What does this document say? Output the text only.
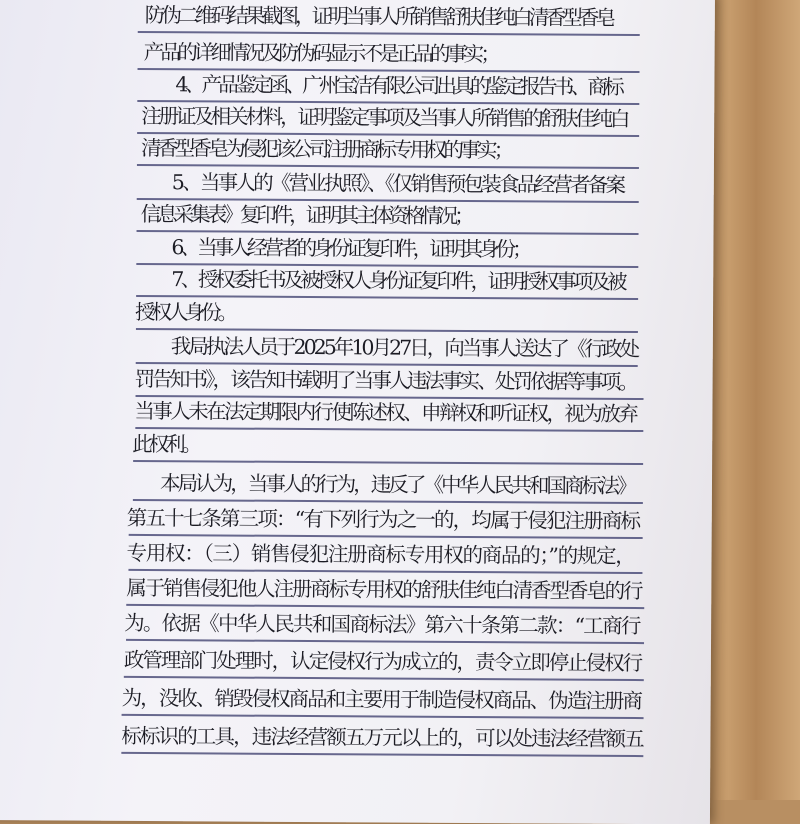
防伪二维码结果截图，证明当事人所销售舒肤佳纯白清香型香皂
产品的详细情况及防伪码显示不是正品的事实；
4、产品鉴定函、广州宝洁有限公司出具的鉴定报告书、商标
注册证及相关材料，证明鉴定事项及当事人所销售的舒肤佳纯白
清香型香皂为侵犯该公司注册商标专用权的事实；
5、当事人的《营业执照》、《仅销售预包装食品经营者备案
信息采集表》复印件，证明其主体资格情况；
6、当事人经营者的身份证复印件，证明其身份；
7、授权委托书及被授权人身份证复印件，证明授权事项及被
授权人身份。
我局执法人员于2025年10月27日，向当事人送达了《行政处
罚告知书》，该告知书载明了当事人违法事实、处罚依据等事项。
当事人未在法定期限内行使陈述权、申辩权和听证权，视为放弃
此权利。
本局认为，当事人的行为，违反了《中华人民共和国商标法》
第五十七条第三项：“有下列行为之一的，均属于侵犯注册商标
专用权：（三）销售侵犯注册商标专用权的商品的；”的规定，
属于销售侵犯他人注册商标专用权的舒肤佳纯白清香型香皂的行
为。依据《中华人民共和国商标法》第六十条第二款：“工商行
政管理部门处理时，认定侵权行为成立的，责令立即停止侵权行
为，没收、销毁侵权商品和主要用于制造侵权商品、伪造注册商
标标识的工具，违法经营额五万元以上的，可以处违法经营额五
